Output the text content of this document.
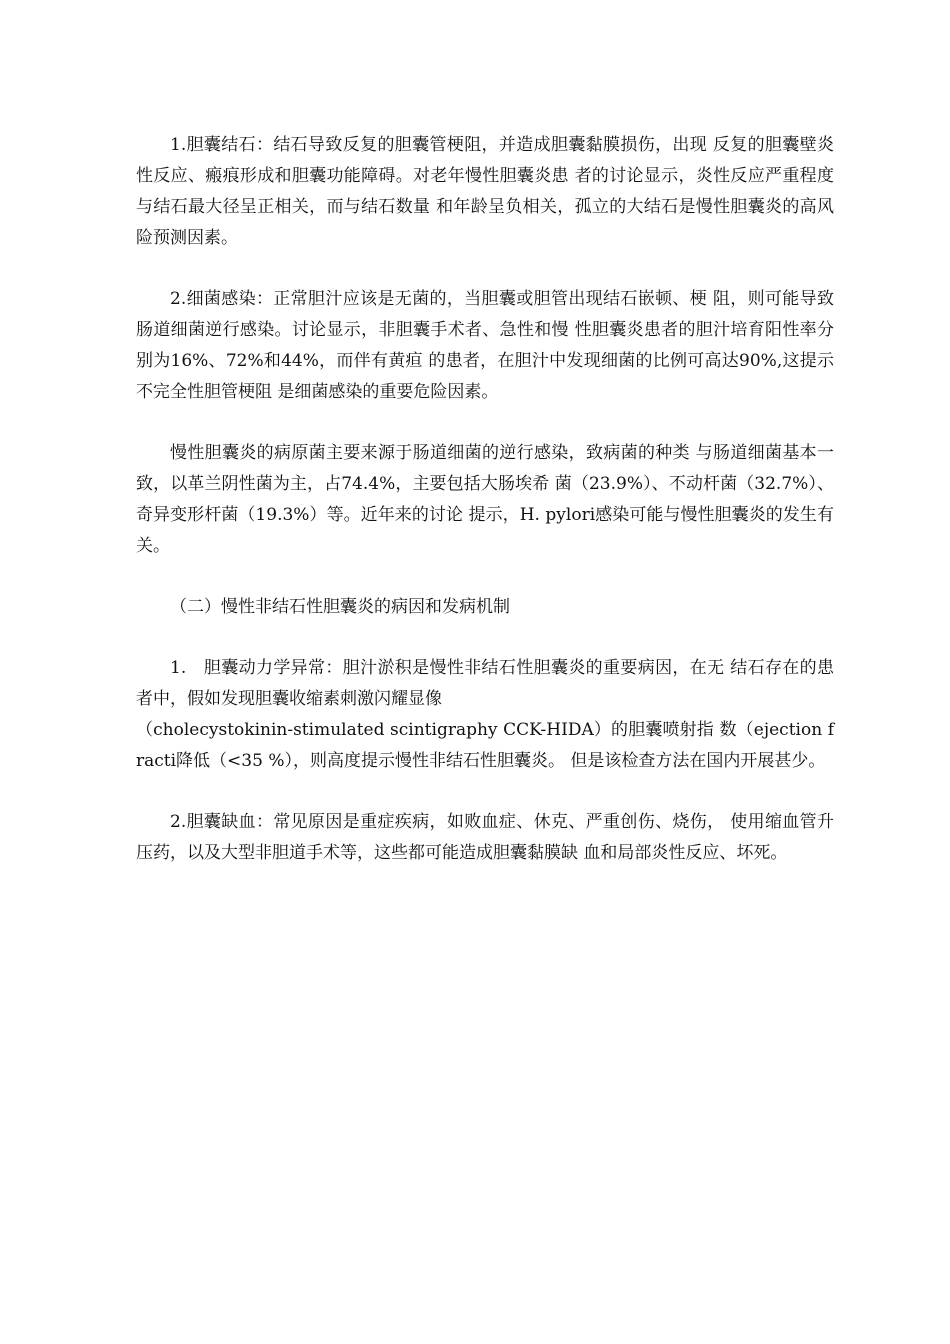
1.胆囊结石：结石导致反复的胆囊管梗阻，并造成胆囊黏膜损伤，出现 反复的胆囊壁炎性反应、瘢痕形成和胆囊功能障碍。对老年慢性胆囊炎患 者的讨论显示，炎性反应严重程度与结石最大径呈正相关，而与结石数量 和年龄呈负相关，孤立的大结石是慢性胆囊炎的高风险预测因素。

2.细菌感染：正常胆汁应该是无菌的，当胆囊或胆管出现结石嵌顿、梗 阻，则可能导致肠道细菌逆行感染。讨论显示，非胆囊手术者、急性和慢 性胆囊炎患者的胆汁培育阳性率分别为16%、72%和44%，而伴有黄疸 的患者，在胆汁中发现细菌的比例可高达90%,这提示不完全性胆管梗阻 是细菌感染的重要危险因素。

慢性胆囊炎的病原菌主要来源于肠道细菌的逆行感染，致病菌的种类 与肠道细菌基本一致，以革兰阴性菌为主，占74.4%，主要包括大肠埃希 菌（23.9%）、不动杆菌（32.7%）、奇异变形杆菌（19.3%）等。近年来的讨论 提示，H. pylori感染可能与慢性胆囊炎的发生有关。

（二）慢性非结石性胆囊炎的病因和发病机制

1.　胆囊动力学异常：胆汁淤积是慢性非结石性胆囊炎的重要病因，在无 结石存在的患者中，假如发现胆囊收缩素刺激闪耀显像

（cholecystokinin-stimulated scintigraphy CCK-HIDA）的胆囊喷射指 数（ejection fracti降低（<35 %），则高度提示慢性非结石性胆囊炎。 但是该检查方法在国内开展甚少。

2.胆囊缺血：常见原因是重症疾病，如败血症、休克、严重创伤、烧伤， 使用缩血管升压药，以及大型非胆道手术等，这些都可能造成胆囊黏膜缺 血和局部炎性反应、坏死。
